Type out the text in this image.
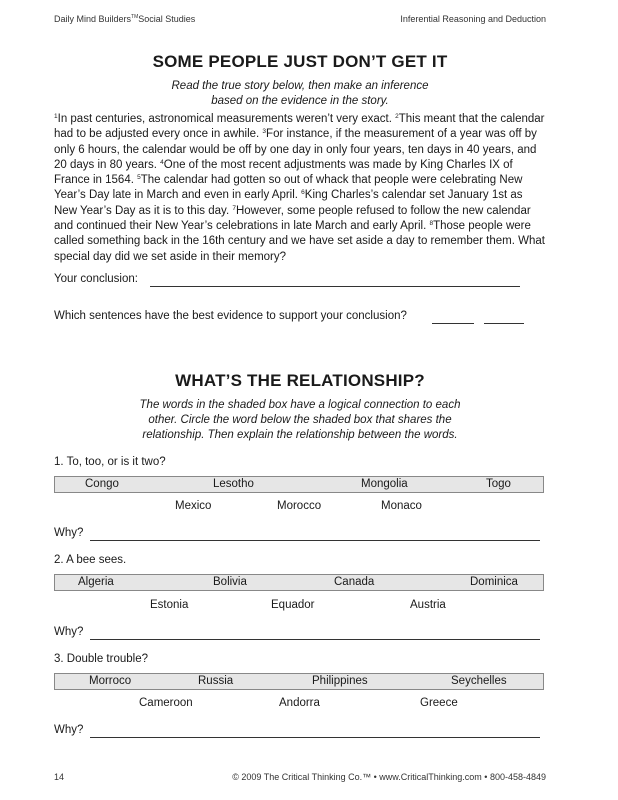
Daily Mind Builders™Social Studies	Inferential Reasoning and Deduction
SOME PEOPLE JUST DON’T GET IT
Read the true story below, then make an inference
based on the evidence in the story.
$^1$In past centuries, astronomical measurements weren’t very exact. $^2$This meant that the calendar had to be adjusted every once in awhile. $^3$For instance, if the measurement of a year was off by only 6 hours, the calendar would be off by one day in only four years, ten days in 40 years, and 20 days in 80 years. $^4$One of the most recent adjustments was made by King Charles IX of France in 1564. $^5$The calendar had gotten so out of whack that people were celebrating New Year’s Day late in March and even in early April. $^6$King Charles’s calendar set January 1st as New Year’s Day as it is to this day. $^7$However, some people refused to follow the new calendar and continued their New Year’s celebrations in late March and early April. $^8$Those people were called something back in the 16th century and we have set aside a day to remember them. What special day did we set aside in their memory?
Your conclusion:
Which sentences have the best evidence to support your conclusion?
WHAT’S THE RELATIONSHIP?
The words in the shaded box have a logical connection to each
other. Circle the word below the shaded box that shares the
relationship. Then explain the relationship between the words.
1. To, too, or is it two?
Congo	Lesotho	Mongolia	Togo
Mexico	Morocco	Monaco
Why?
2. A bee sees.
Algeria	Bolivia	Canada	Dominica
Estonia	Equador	Austria
Why?
3. Double trouble?
Morroco	Russia	Philippines	Seychelles
Cameroon	Andorra	Greece
Why?
14	© 2009 The Critical Thinking Co.™ • www.CriticalThinking.com • 800-458-4849
